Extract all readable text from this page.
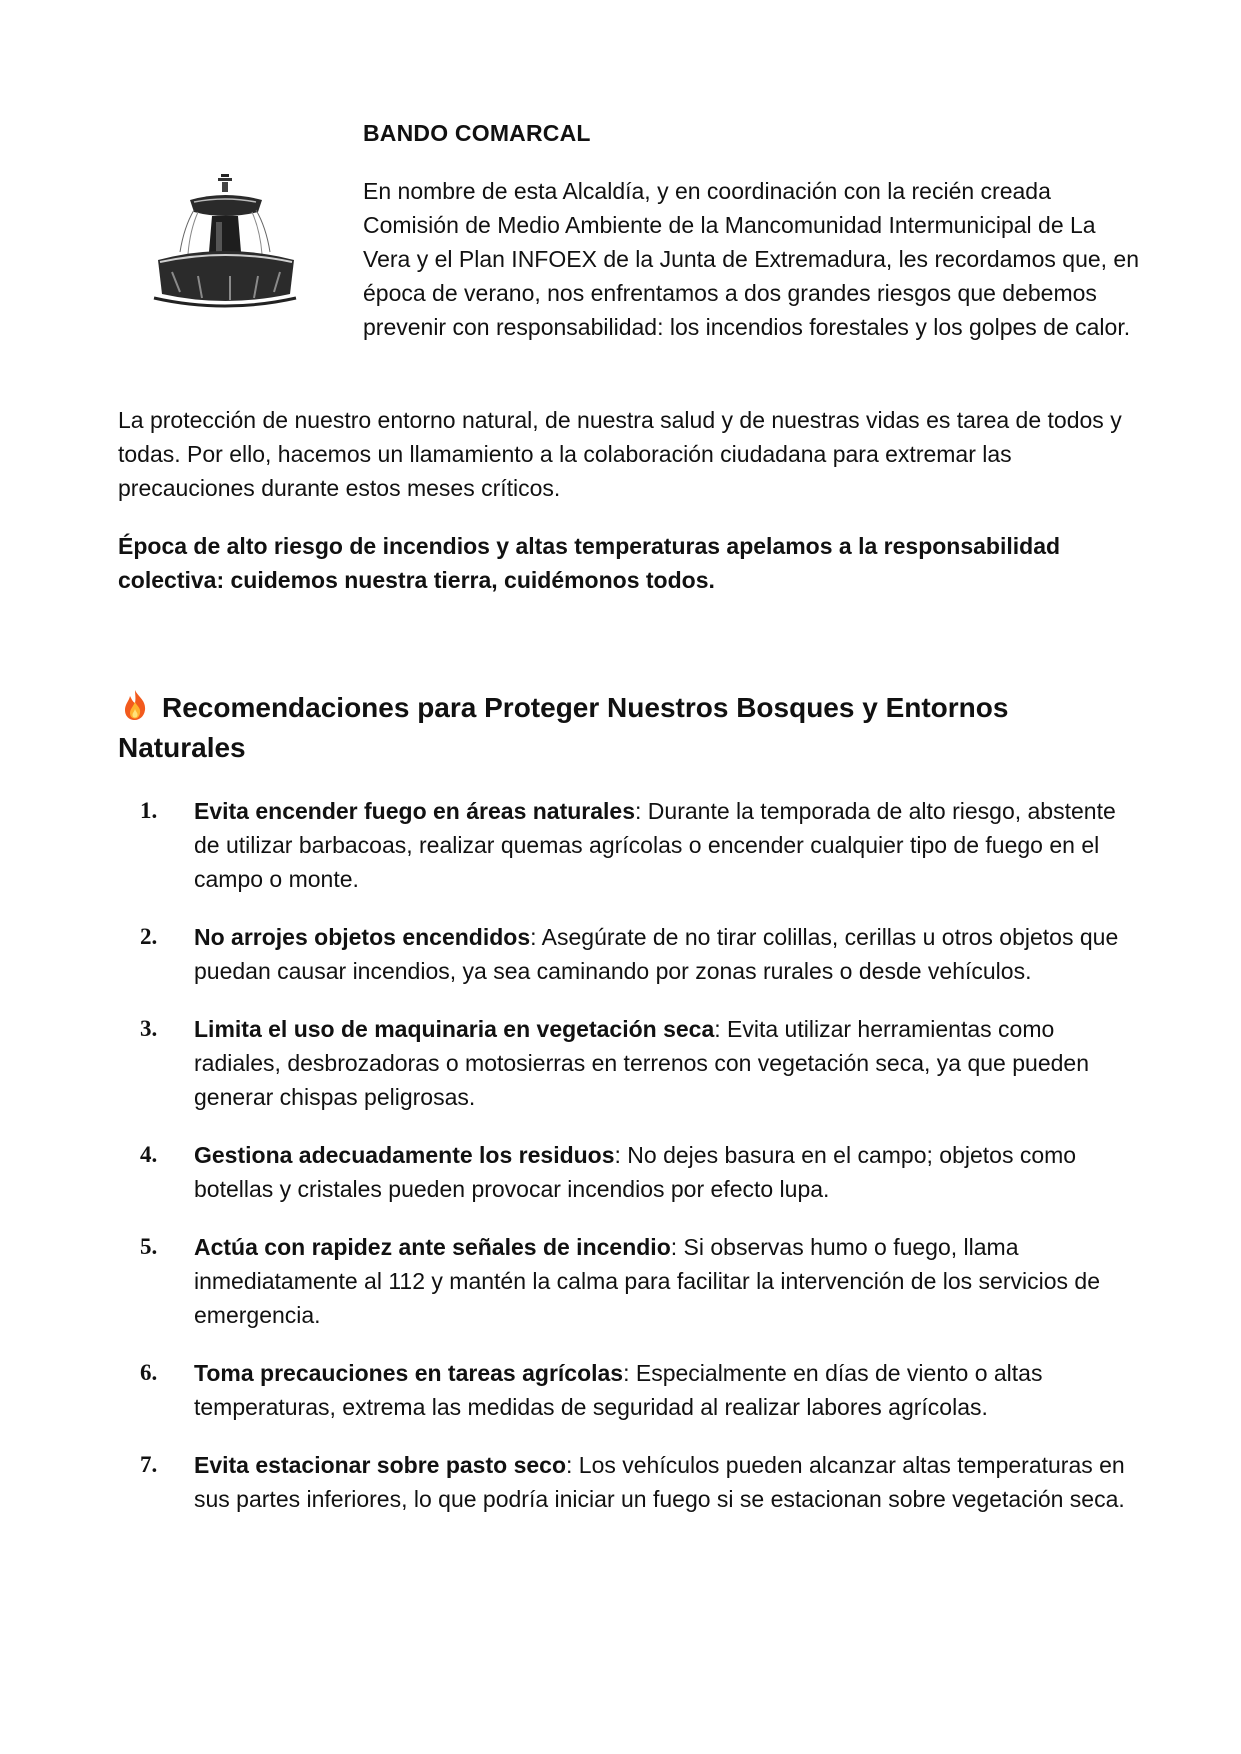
BANDO COMARCAL

En nombre de esta Alcaldía, y en coordinación con la recién creada Comisión de Medio Ambiente de la Mancomunidad Intermunicipal de La Vera y el Plan INFOEX de la Junta de Extremadura, les recordamos que, en época de verano, nos enfrentamos a dos grandes riesgos que debemos prevenir con responsabilidad: los incendios forestales y los golpes de calor.

La protección de nuestro entorno natural, de nuestra salud y de nuestras vidas es tarea de todos y todas. Por ello, hacemos un llamamiento a la colaboración ciudadana para extremar las precauciones durante estos meses críticos.

Época de alto riesgo de incendios y altas temperaturas apelamos a la responsabilidad colectiva: cuidemos nuestra tierra, cuidémonos todos.

Recomendaciones para Proteger Nuestros Bosques y Entornos Naturales
1. Evita encender fuego en áreas naturales: Durante la temporada de alto riesgo, abstente de utilizar barbacoas, realizar quemas agrícolas o encender cualquier tipo de fuego en el campo o monte.
2. No arrojes objetos encendidos: Asegúrate de no tirar colillas, cerillas u otros objetos que puedan causar incendios, ya sea caminando por zonas rurales o desde vehículos.
3. Limita el uso de maquinaria en vegetación seca: Evita utilizar herramientas como radiales, desbrozadoras o motosierras en terrenos con vegetación seca, ya que pueden generar chispas peligrosas.
4. Gestiona adecuadamente los residuos: No dejes basura en el campo; objetos como botellas y cristales pueden provocar incendios por efecto lupa.
5. Actúa con rapidez ante señales de incendio: Si observas humo o fuego, llama inmediatamente al 112 y mantén la calma para facilitar la intervención de los servicios de emergencia.
6. Toma precauciones en tareas agrícolas: Especialmente en días de viento o altas temperaturas, extrema las medidas de seguridad al realizar labores agrícolas.
7. Evita estacionar sobre pasto seco: Los vehículos pueden alcanzar altas temperaturas en sus partes inferiores, lo que podría iniciar un fuego si se estacionan sobre vegetación seca.
